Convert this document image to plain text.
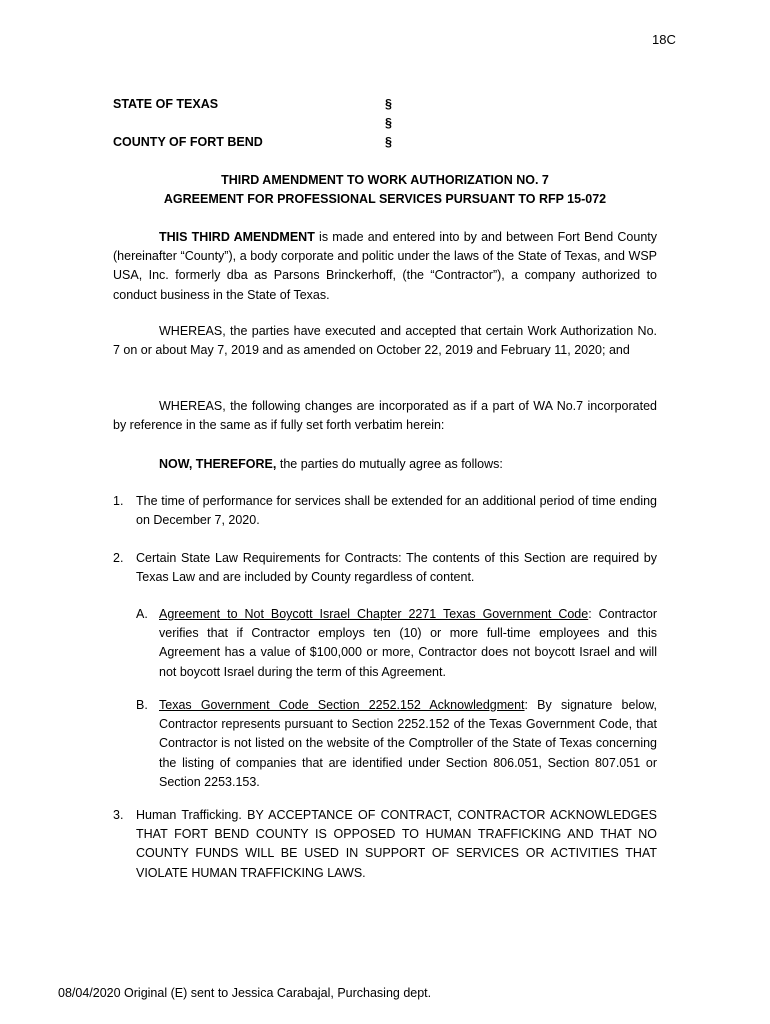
18C
STATE OF TEXAS	§
§
COUNTY OF FORT BEND	§
THIRD AMENDMENT TO WORK AUTHORIZATION NO. 7
AGREEMENT FOR PROFESSIONAL SERVICES PURSUANT TO RFP 15-072
THIS THIRD AMENDMENT is made and entered into by and between Fort Bend County (hereinafter “County”), a body corporate and politic under the laws of the State of Texas, and WSP USA, Inc. formerly dba as Parsons Brinckerhoff, (the “Contractor”), a company authorized to conduct business in the State of Texas.
WHEREAS, the parties have executed and accepted that certain Work Authorization No. 7 on or about May 7, 2019 and as amended on October 22, 2019 and February 11, 2020; and
WHEREAS, the following changes are incorporated as if a part of WA No.7 incorporated by reference in the same as if fully set forth verbatim herein:
NOW, THEREFORE, the parties do mutually agree as follows:
1. The time of performance for services shall be extended for an additional period of time ending on December 7, 2020.
2. Certain State Law Requirements for Contracts: The contents of this Section are required by Texas Law and are included by County regardless of content.
A. Agreement to Not Boycott Israel Chapter 2271 Texas Government Code: Contractor verifies that if Contractor employs ten (10) or more full-time employees and this Agreement has a value of $100,000 or more, Contractor does not boycott Israel and will not boycott Israel during the term of this Agreement.
B. Texas Government Code Section 2252.152 Acknowledgment: By signature below, Contractor represents pursuant to Section 2252.152 of the Texas Government Code, that Contractor is not listed on the website of the Comptroller of the State of Texas concerning the listing of companies that are identified under Section 806.051, Section 807.051 or Section 2253.153.
3. Human Trafficking. BY ACCEPTANCE OF CONTRACT, CONTRACTOR ACKNOWLEDGES THAT FORT BEND COUNTY IS OPPOSED TO HUMAN TRAFFICKING AND THAT NO COUNTY FUNDS WILL BE USED IN SUPPORT OF SERVICES OR ACTIVITIES THAT VIOLATE HUMAN TRAFFICKING LAWS.
08/04/2020 Original (E) sent to Jessica Carabajal, Purchasing dept.
